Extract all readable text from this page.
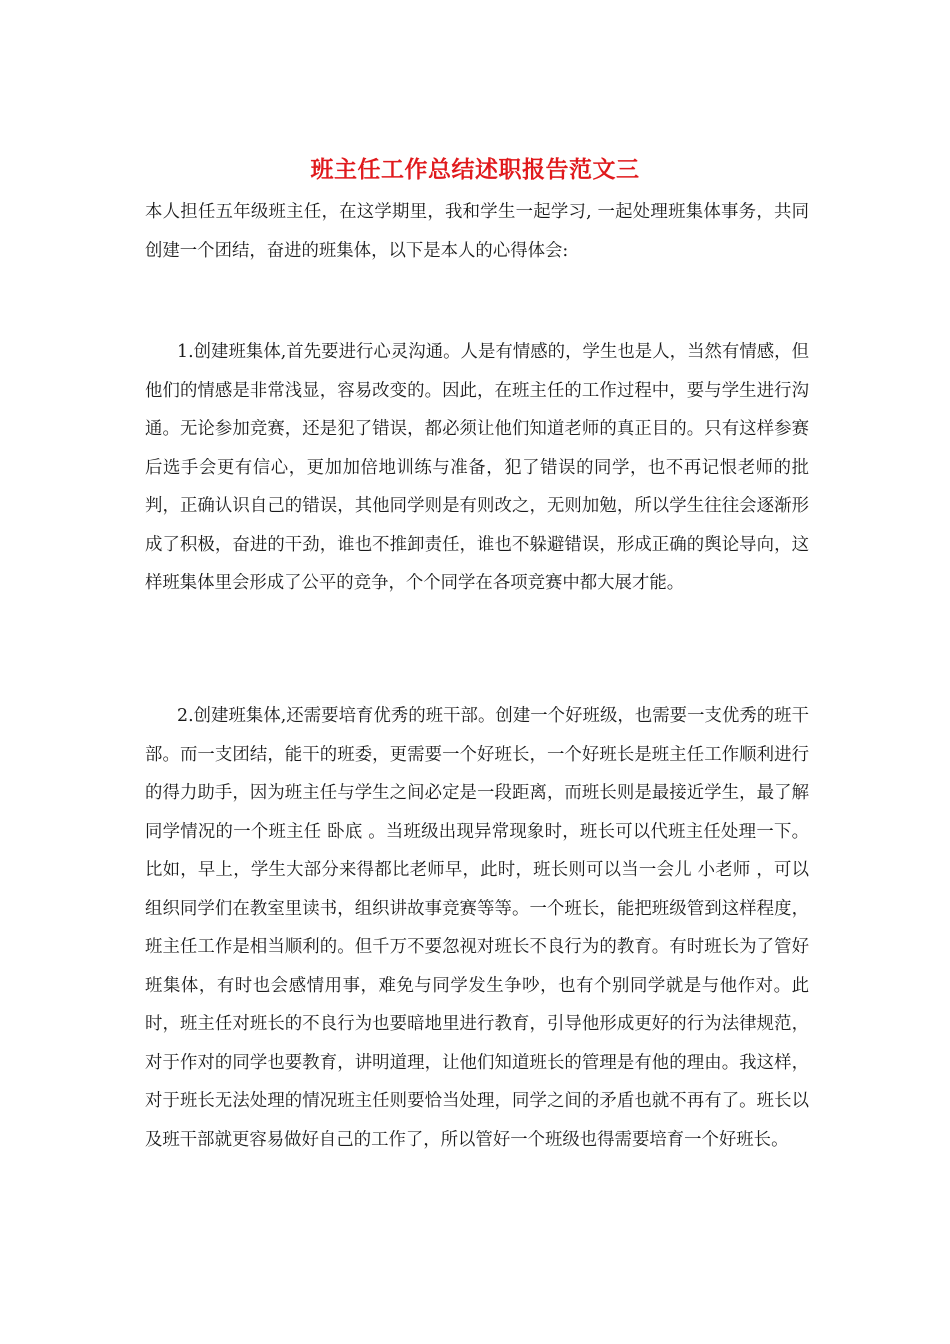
班主任工作总结述职报告范文三

本人担任五年级班主任，在这学期里，我和学生一起学习, 一起处理班集体事务，共同创建一个团结，奋进的班集体，以下是本人的心得体会:

1.创建班集体,首先要进行心灵沟通。人是有情感的，学生也是人，当然有情感，但他们的情感是非常浅显，容易改变的。因此，在班主任的工作过程中，要与学生进行沟通。无论参加竞赛，还是犯了错误，都必须让他们知道老师的真正目的。只有这样参赛后选手会更有信心，更加加倍地训练与准备，犯了错误的同学，也不再记恨老师的批判，正确认识自己的错误，其他同学则是有则改之，无则加勉，所以学生往往会逐渐形成了积极，奋进的干劲，谁也不推卸责任，谁也不躲避错误，形成正确的舆论导向，这样班集体里会形成了公平的竞争，个个同学在各项竞赛中都大展才能。

2.创建班集体,还需要培育优秀的班干部。创建一个好班级，也需要一支优秀的班干部。而一支团结，能干的班委，更需要一个好班长，一个好班长是班主任工作顺利进行的得力助手，因为班主任与学生之间必定是一段距离，而班长则是最接近学生，最了解同学情况的一个班主任 卧底 。当班级出现异常现象时，班长可以代班主任处理一下。比如，早上，学生大部分来得都比老师早，此时，班长则可以当一会儿 小老师 ，可以组织同学们在教室里读书，组织讲故事竞赛等等。一个班长，能把班级管到这样程度，班主任工作是相当顺利的。但千万不要忽视对班长不良行为的教育。有时班长为了管好班集体，有时也会感情用事，难免与同学发生争吵，也有个别同学就是与他作对。此时，班主任对班长的不良行为也要暗地里进行教育，引导他形成更好的行为法律规范，对于作对的同学也要教育，讲明道理，让他们知道班长的管理是有他的理由。我这样，对于班长无法处理的情况班主任则要恰当处理，同学之间的矛盾也就不再有了。班长以及班干部就更容易做好自己的工作了，所以管好一个班级也得需要培育一个好班长。
